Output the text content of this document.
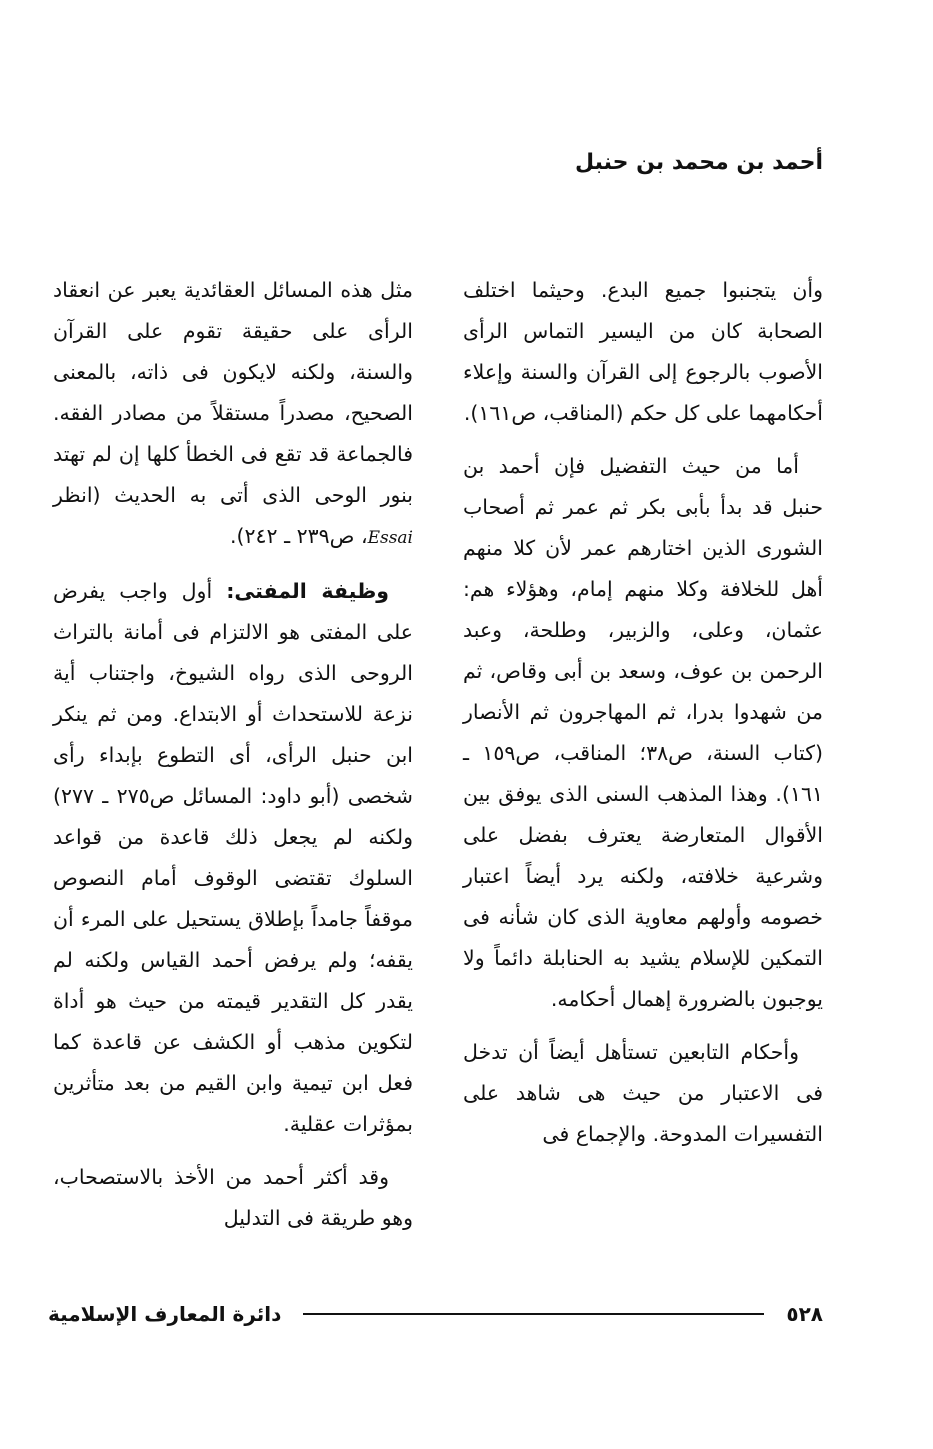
أحمد بن محمد بن حنبل

وأن يتجنبوا جميع البدع. وحيثما اختلف الصحابة كان من اليسير التماس الرأى الأصوب بالرجوع إلى القرآن والسنة وإعلاء أحكامهما على كل حكم (المناقب، ص١٦١).

أما من حيث التفضيل فإن أحمد بن حنبل قد بدأ بأبى بكر ثم عمر ثم أصحاب الشورى الذين اختارهم عمر لأن كلا منهم أهل للخلافة وكلا منهم إمام، وهؤلاء هم: عثمان، وعلى، والزبير، وطلحة، وعبد الرحمن بن عوف، وسعد بن أبى وقاص، ثم من شهدوا بدرا، ثم المهاجرون ثم الأنصار (كتاب السنة، ص٣٨؛ المناقب، ص١٥٩ ـ ١٦١). وهذا المذهب السنى الذى يوفق بين الأقوال المتعارضة يعترف بفضل على وشرعية خلافته، ولكنه يرد أيضاً اعتبار خصومه وأولهم معاوية الذى كان شأنه فى التمكين للإسلام يشيد به الحنابلة دائماً ولا يوجبون بالضرورة إهمال أحكامه.

وأحكام التابعين تستأهل أيضاً أن تدخل فى الاعتبار من حيث هى شاهد على التفسيرات المدوحة. والإجماع فى

مثل هذه المسائل العقائدية يعبر عن انعقاد الرأى على حقيقة تقوم على القرآن والسنة، ولكنه لايكون فى ذاته، بالمعنى الصحيح، مصدراً مستقلاً من مصادر الفقه. فالجماعة قد تقع فى الخطأ كلها إن لم تهتد بنور الوحى الذى أتى به الحديث (انظر Essai، ص٢٣٩ ـ ٢٤٢).

وظيفة المفتى: أول واجب يفرض على المفتى هو الالتزام فى أمانة بالتراث الروحى الذى رواه الشيوخ، واجتناب أية نزعة للاستحداث أو الابتداع. ومن ثم ينكر ابن حنبل الرأى، أى التطوع بإبداء رأى شخصى (أبو داود: المسائل ص٢٧٥ ـ ٢٧٧) ولكنه لم يجعل ذلك قاعدة من قواعد السلوك تقتضى الوقوف أمام النصوص موقفاً جامداً بإطلاق يستحيل على المرء أن يقفه؛ ولم يرفض أحمد القياس ولكنه لم يقدر كل التقدير قيمته من حيث هو أداة لتكوين مذهب أو الكشف عن قاعدة كما فعل ابن تيمية وابن القيم من بعد متأثرين بمؤثرات عقلية.

وقد أكثر أحمد من الأخذ بالاستصحاب، وهو طريقة فى التدليل

٥٢٨
دائرة المعارف الإسلامية
